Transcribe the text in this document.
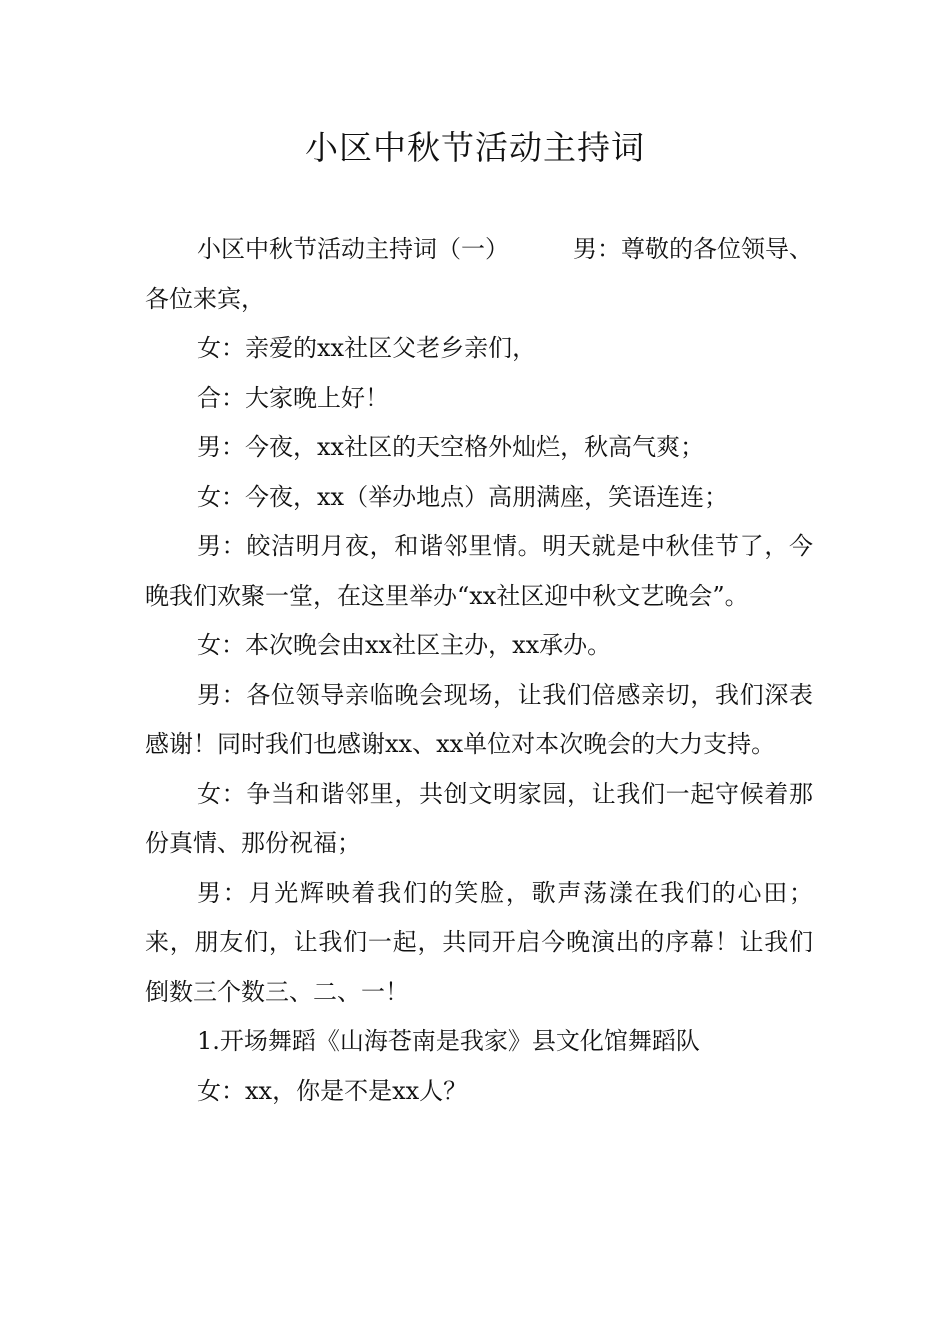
小区中秋节活动主持词

小区中秋节活动主持词（一）	男：尊敬的各位领导、各位来宾，

女：亲爱的xx社区父老乡亲们，

合：大家晚上好！

男：今夜，xx社区的天空格外灿烂，秋高气爽；

女：今夜，xx（举办地点）高朋满座，笑语连连；

男：皎洁明月夜，和谐邻里情。明天就是中秋佳节了，今晚我们欢聚一堂，在这里举办“xx社区迎中秋文艺晚会”。

女：本次晚会由xx社区主办，xx承办。

男：各位领导亲临晚会现场，让我们倍感亲切，我们深表感谢！同时我们也感谢xx、xx单位对本次晚会的大力支持。

女：争当和谐邻里，共创文明家园，让我们一起守候着那份真情、那份祝福；

男：月光辉映着我们的笑脸，歌声荡漾在我们的心田；来，朋友们，让我们一起，共同开启今晚演出的序幕！让我们倒数三个数三、二、一！

1.开场舞蹈《山海苍南是我家》县文化馆舞蹈队

女：xx，你是不是xx人？
